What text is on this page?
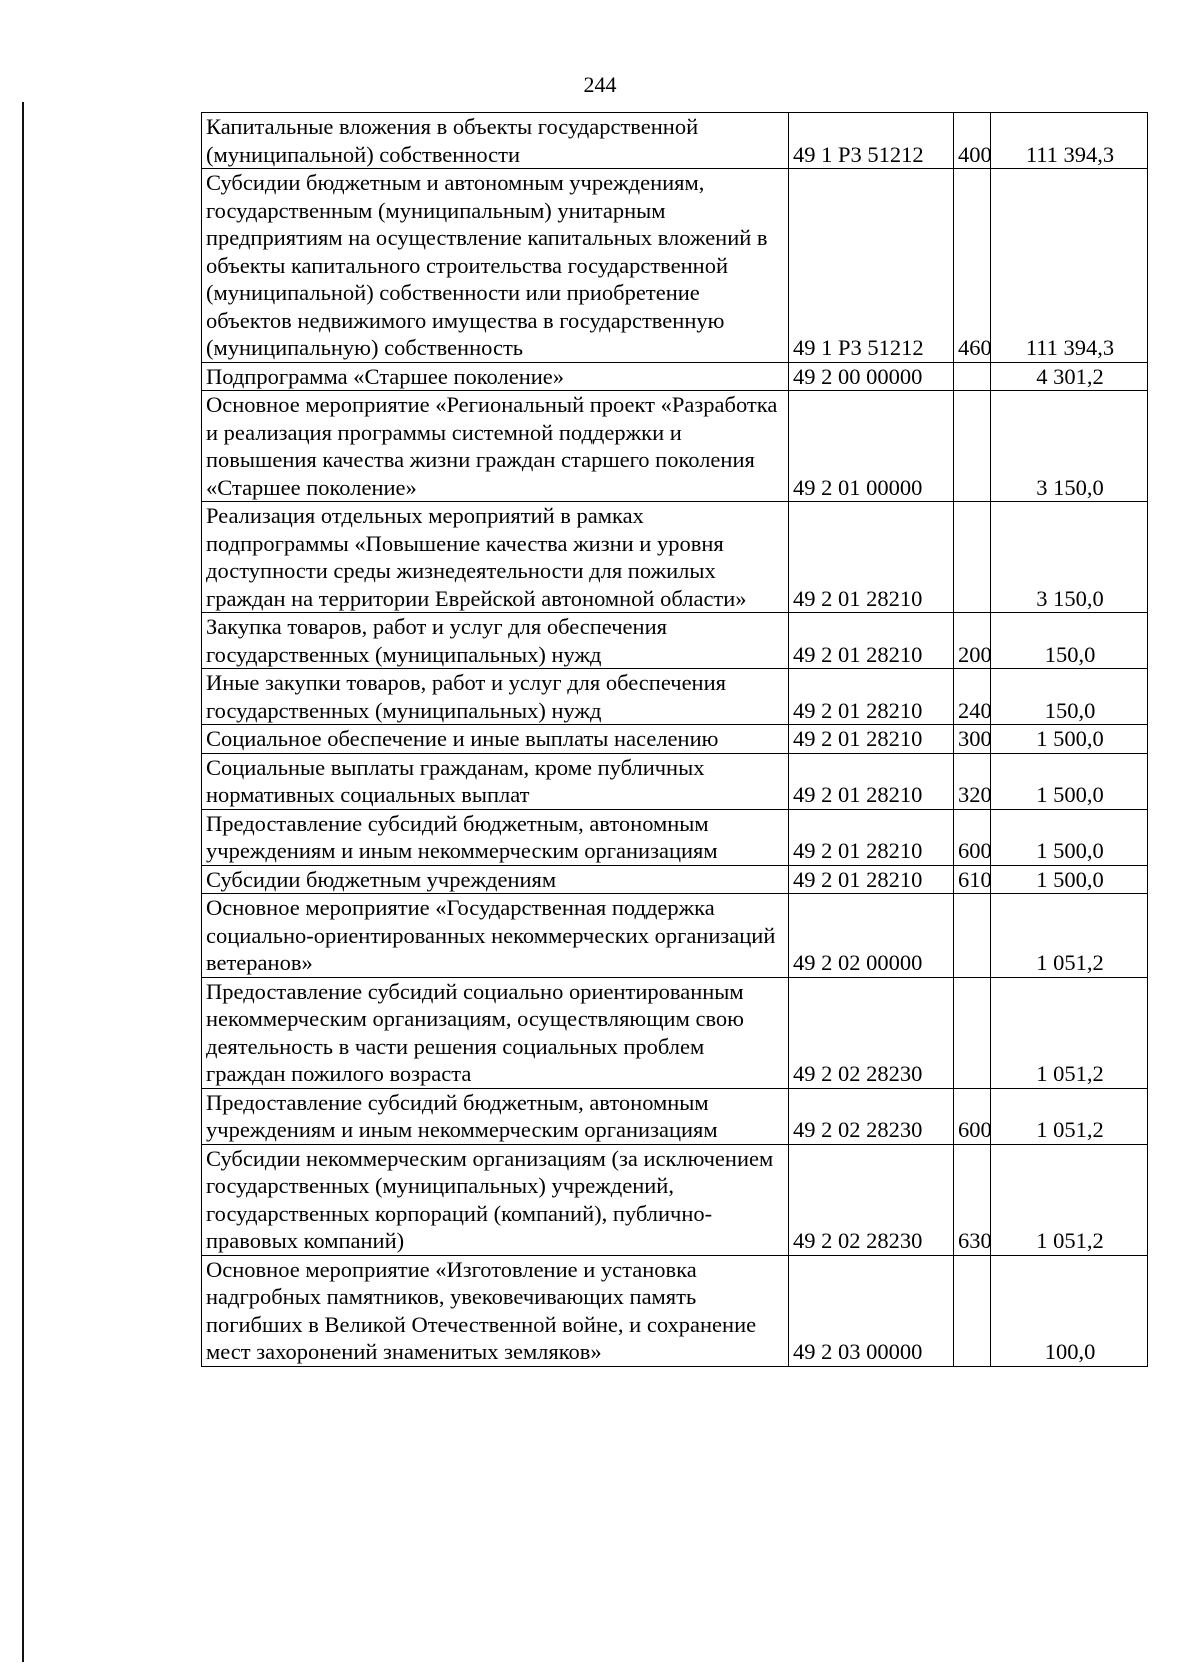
244
Капитальные вложения в объекты государственной (муниципальной) собственности	49 1 Р3 51212	400	111 394,3
Субсидии бюджетным и автономным учреждениям, государственным (муниципальным) унитарным предприятиям на осуществление капитальных вложений в объекты капитального строительства государственной (муниципальной) собственности или приобретение объектов недвижимого имущества в государственную (муниципальную) собственность	49 1 Р3 51212	460	111 394,3
Подпрограмма «Старшее поколение»	49 2 00 00000		4 301,2
Основное мероприятие «Региональный проект «Разработка и реализация программы системной поддержки и повышения качества жизни граждан старшего поколения «Старшее поколение»	49 2 01 00000		3 150,0
Реализация отдельных мероприятий в рамках подпрограммы «Повышение качества жизни и уровня доступности среды жизнедеятельности для пожилых граждан на территории Еврейской автономной области»	49 2 01 28210		3 150,0
Закупка товаров, работ и услуг для обеспечения государственных (муниципальных) нужд	49 2 01 28210	200	150,0
Иные закупки товаров, работ и услуг для обеспечения государственных (муниципальных) нужд	49 2 01 28210	240	150,0
Социальное обеспечение и иные выплаты населению	49 2 01 28210	300	1 500,0
Социальные выплаты гражданам, кроме публичных нормативных социальных выплат	49 2 01 28210	320	1 500,0
Предоставление субсидий бюджетным, автономным учреждениям и иным некоммерческим организациям	49 2 01 28210	600	1 500,0
Субсидии бюджетным учреждениям	49 2 01 28210	610	1 500,0
Основное мероприятие «Государственная поддержка социально-ориентированных некоммерческих организаций ветеранов»	49 2 02 00000		1 051,2
Предоставление субсидий социально ориентированным некоммерческим организациям, осуществляющим свою деятельность в части решения социальных проблем граждан пожилого возраста	49 2 02 28230		1 051,2
Предоставление субсидий бюджетным, автономным учреждениям и иным некоммерческим организациям	49 2 02 28230	600	1 051,2
Субсидии некоммерческим организациям (за исключением государственных (муниципальных) учреждений, государственных корпораций (компаний), публично-правовых компаний)	49 2 02 28230	630	1 051,2
Основное мероприятие «Изготовление и установка надгробных памятников, увековечивающих память погибших в Великой Отечественной войне, и сохранение мест захоронений знаменитых земляков»	49 2 03 00000		100,0
